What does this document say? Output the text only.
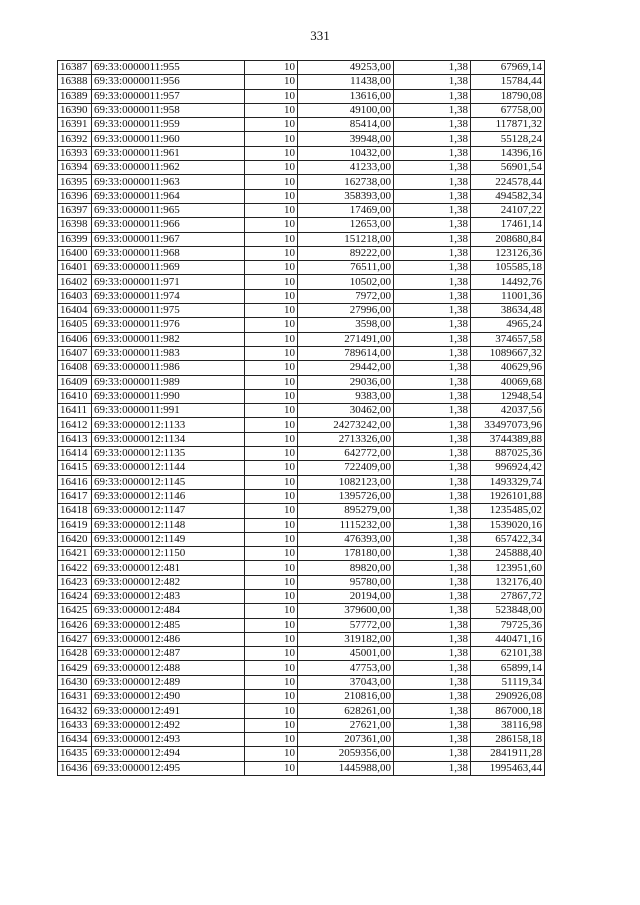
331
16387	69:33:0000011:955	10	49253,00	1,38	67969,14
16388	69:33:0000011:956	10	11438,00	1,38	15784,44
16389	69:33:0000011:957	10	13616,00	1,38	18790,08
16390	69:33:0000011:958	10	49100,00	1,38	67758,00
16391	69:33:0000011:959	10	85414,00	1,38	117871,32
16392	69:33:0000011:960	10	39948,00	1,38	55128,24
16393	69:33:0000011:961	10	10432,00	1,38	14396,16
16394	69:33:0000011:962	10	41233,00	1,38	56901,54
16395	69:33:0000011:963	10	162738,00	1,38	224578,44
16396	69:33:0000011:964	10	358393,00	1,38	494582,34
16397	69:33:0000011:965	10	17469,00	1,38	24107,22
16398	69:33:0000011:966	10	12653,00	1,38	17461,14
16399	69:33:0000011:967	10	151218,00	1,38	208680,84
16400	69:33:0000011:968	10	89222,00	1,38	123126,36
16401	69:33:0000011:969	10	76511,00	1,38	105585,18
16402	69:33:0000011:971	10	10502,00	1,38	14492,76
16403	69:33:0000011:974	10	7972,00	1,38	11001,36
16404	69:33:0000011:975	10	27996,00	1,38	38634,48
16405	69:33:0000011:976	10	3598,00	1,38	4965,24
16406	69:33:0000011:982	10	271491,00	1,38	374657,58
16407	69:33:0000011:983	10	789614,00	1,38	1089667,32
16408	69:33:0000011:986	10	29442,00	1,38	40629,96
16409	69:33:0000011:989	10	29036,00	1,38	40069,68
16410	69:33:0000011:990	10	9383,00	1,38	12948,54
16411	69:33:0000011:991	10	30462,00	1,38	42037,56
16412	69:33:0000012:1133	10	24273242,00	1,38	33497073,96
16413	69:33:0000012:1134	10	2713326,00	1,38	3744389,88
16414	69:33:0000012:1135	10	642772,00	1,38	887025,36
16415	69:33:0000012:1144	10	722409,00	1,38	996924,42
16416	69:33:0000012:1145	10	1082123,00	1,38	1493329,74
16417	69:33:0000012:1146	10	1395726,00	1,38	1926101,88
16418	69:33:0000012:1147	10	895279,00	1,38	1235485,02
16419	69:33:0000012:1148	10	1115232,00	1,38	1539020,16
16420	69:33:0000012:1149	10	476393,00	1,38	657422,34
16421	69:33:0000012:1150	10	178180,00	1,38	245888,40
16422	69:33:0000012:481	10	89820,00	1,38	123951,60
16423	69:33:0000012:482	10	95780,00	1,38	132176,40
16424	69:33:0000012:483	10	20194,00	1,38	27867,72
16425	69:33:0000012:484	10	379600,00	1,38	523848,00
16426	69:33:0000012:485	10	57772,00	1,38	79725,36
16427	69:33:0000012:486	10	319182,00	1,38	440471,16
16428	69:33:0000012:487	10	45001,00	1,38	62101,38
16429	69:33:0000012:488	10	47753,00	1,38	65899,14
16430	69:33:0000012:489	10	37043,00	1,38	51119,34
16431	69:33:0000012:490	10	210816,00	1,38	290926,08
16432	69:33:0000012:491	10	628261,00	1,38	867000,18
16433	69:33:0000012:492	10	27621,00	1,38	38116,98
16434	69:33:0000012:493	10	207361,00	1,38	286158,18
16435	69:33:0000012:494	10	2059356,00	1,38	2841911,28
16436	69:33:0000012:495	10	1445988,00	1,38	1995463,44
